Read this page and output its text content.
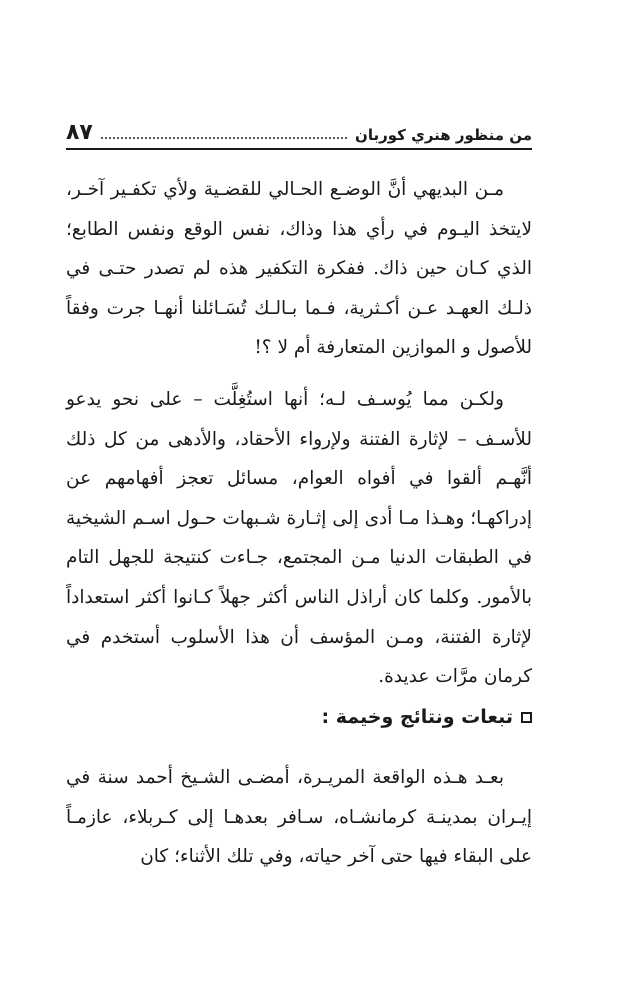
من منظور هنري كوربان
٨٧

مـن البديهي أنَّ الوضـع الحـالي للقضـية ولأي تكفـير آخـر، لايتخذ اليـوم في رأي هذا وذاك، نفس الوقع ونفس الطابع؛ الذي كـان حين ذاك. ففكرة التكفير هذه لم تصدر حتـى في ذلـك العهـد عـن أكـثرية، فـما بـالـك تُسَـائلنا أنهـا جرت وفقاً للأصول و الموازين المتعارفة أم لا ؟!

ولكـن مما يُوسـف لـه؛ أنها استُغِلَّت – على نحو يدعو للأسـف – لإثارة الفتنة ولإرواء الأحقاد، والأدهى من كل ذلك أنَّهـم ألقوا في أفواه العوام، مسائل تعجز أفهامهم عن إدراكهـا؛ وهـذا مـا أدى إلى إثـارة شـبهات حـول اسـم الشيخية في الطبقات الدنيا مـن المجتمع، جـاءت كنتيجة للجهل التام بالأمور. وكلما كان أراذل الناس أكثر جهلاً كـانوا أكثر استعداداً لإثارة الفتنة، ومـن المؤسف أن هذا الأسلوب أستخدم في كرمان مرَّات عديدة.

تبعات ونتائج وخيمة :

بعـد هـذه الواقعة المريـرة، أمضـى الشـيخ أحمد سنة في إيـران بمدينـة كرمانشـاه، سـافر بعدهـا إلى كـربلاء، عازمـاً على البقاء فيها حتى آخر حياته، وفي تلك الأثناء؛ كان
